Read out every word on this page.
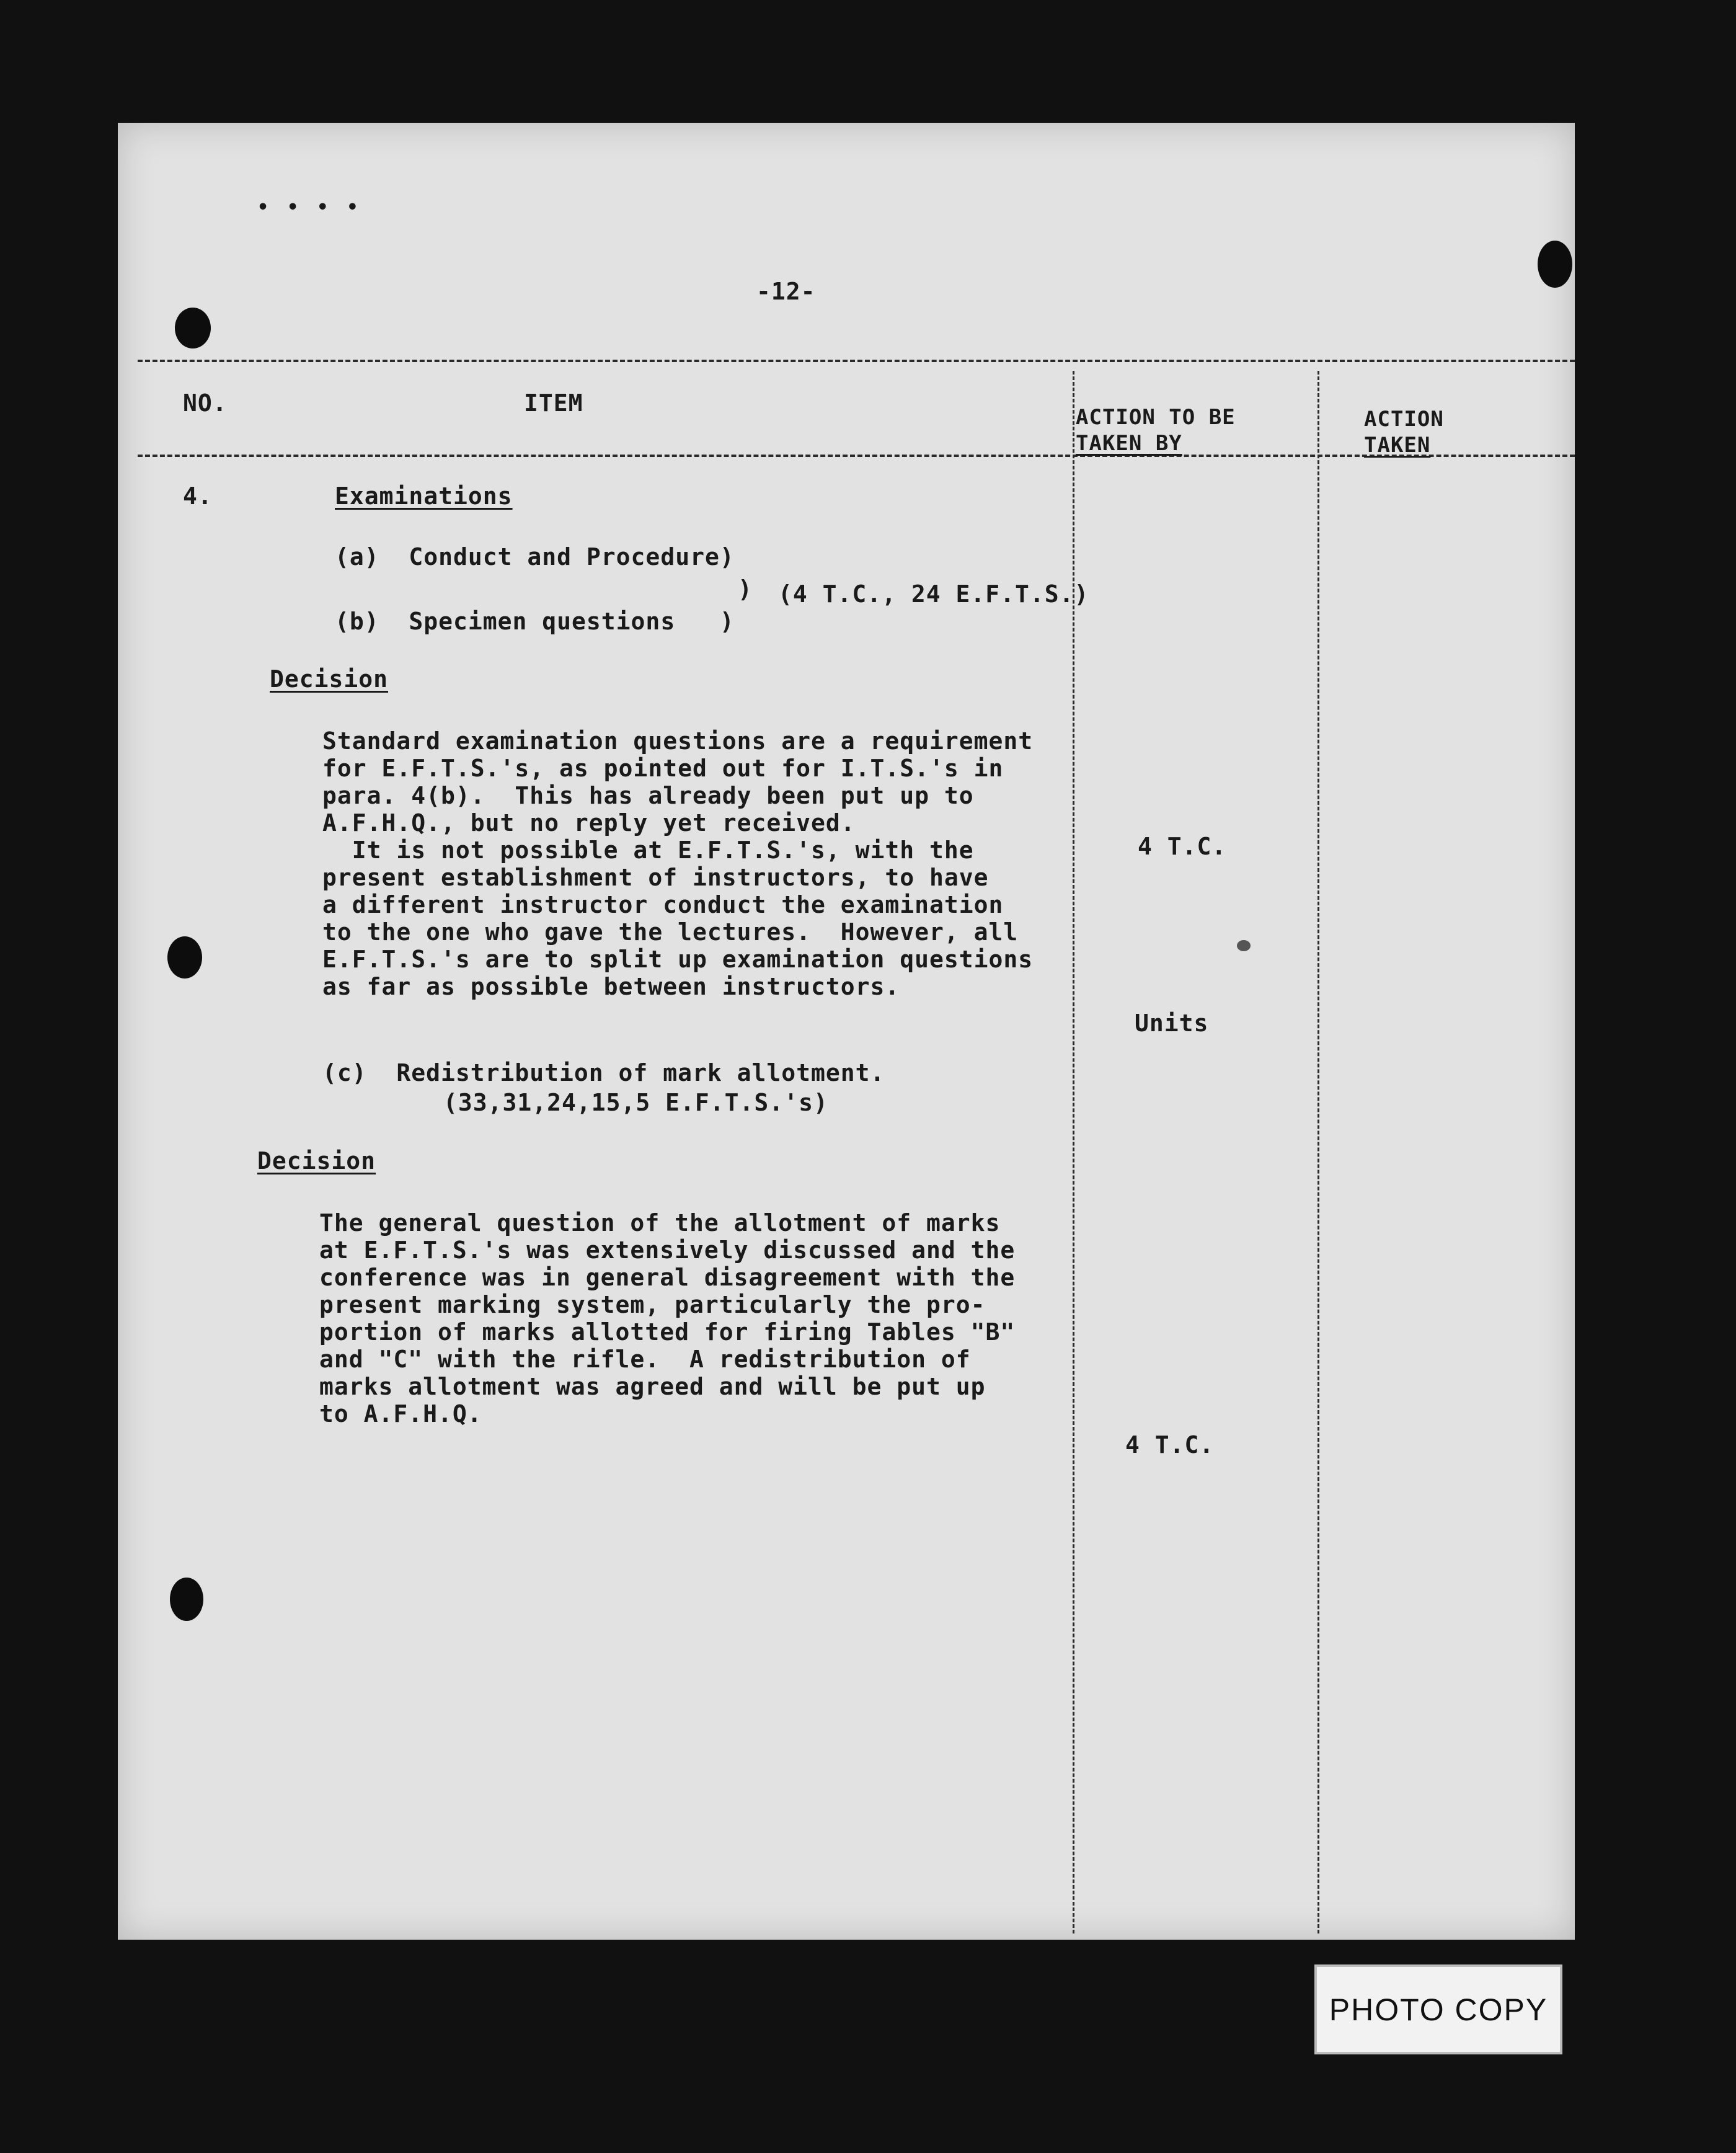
• • • •
-12-
NO.	ITEM
ACTION TO BE
TAKEN BY
ACTION
TAKEN
4.	Examinations
(a)  Conduct and Procedure)
) (4 T.C., 24 E.F.T.S.)
(b)  Specimen questions   )
Decision
Standard examination questions are a requirement
for E.F.T.S.'s, as pointed out for I.T.S.'s in
para. 4(b).  This has already been put up to
A.F.H.Q., but no reply yet received.
It is not possible at E.F.T.S.'s, with the
present establishment of instructors, to have
a different instructor conduct the examination
to the one who gave the lectures.  However, all
E.F.T.S.'s are to split up examination questions
as far as possible between instructors.
4 T.C.
Units
(c)  Redistribution of mark allotment.
(33,31,24,15,5 E.F.T.S.'s)
Decision
The general question of the allotment of marks
at E.F.T.S.'s was extensively discussed and the
conference was in general disagreement with the
present marking system, particularly the pro-
portion of marks allotted for firing Tables "B"
and "C" with the rifle.  A redistribution of
marks allotment was agreed and will be put up
to A.F.H.Q.
4 T.C.
PHOTO COPY
